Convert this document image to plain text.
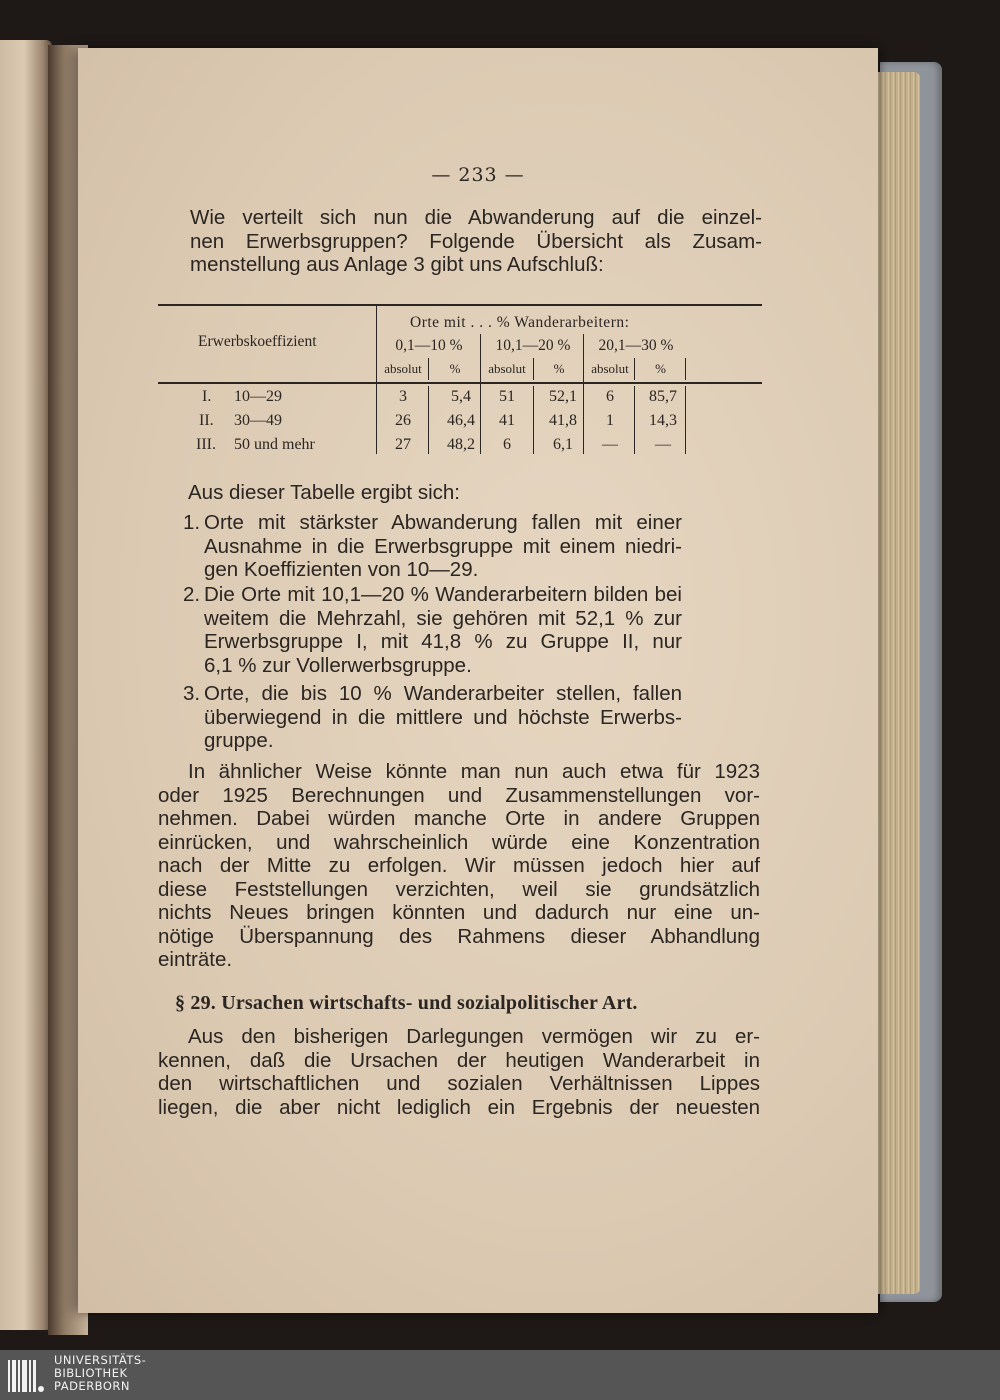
— 233 —
Wie verteilt sich nun die Abwanderung auf die einzel-
nen Erwerbsgruppen? Folgende Übersicht als Zusam-
menstellung aus Anlage 3 gibt uns Aufschluß:
Erwerbskoeffizient
Orte mit . . . % Wanderarbeitern:
0,1—10 %	10,1—20 %	20,1—30 %
absolut	%	absolut	%	absolut	%
I. 10—29	3	5,4	51	52,1	6	85,7
II. 30—49	26	46,4	41	41,8	1	14,3
III. 50 und mehr	27	48,2	6	6,1	—	—
Aus dieser Tabelle ergibt sich:
1. Orte mit stärkster Abwanderung fallen mit einer
Ausnahme in die Erwerbsgruppe mit einem niedri-
gen Koeffizienten von 10—29.
2. Die Orte mit 10,1—20 % Wanderarbeitern bilden bei
weitem die Mehrzahl, sie gehören mit 52,1 % zur
Erwerbsgruppe I, mit 41,8 % zu Gruppe II, nur
6,1 % zur Vollerwerbsgruppe.
3. Orte, die bis 10 % Wanderarbeiter stellen, fallen
überwiegend in die mittlere und höchste Erwerbs-
gruppe.
In ähnlicher Weise könnte man nun auch etwa für 1923
oder 1925 Berechnungen und Zusammenstellungen vor-
nehmen. Dabei würden manche Orte in andere Gruppen
einrücken, und wahrscheinlich würde eine Konzentration
nach der Mitte zu erfolgen. Wir müssen jedoch hier auf
diese Feststellungen verzichten, weil sie grundsätzlich
nichts Neues bringen könnten und dadurch nur eine un-
nötige Überspannung des Rahmens dieser Abhandlung
einträte.
§ 29. Ursachen wirtschafts- und sozialpolitischer Art.
Aus den bisherigen Darlegungen vermögen wir zu er-
kennen, daß die Ursachen der heutigen Wanderarbeit in
den wirtschaftlichen und sozialen Verhältnissen Lippes
liegen, die aber nicht lediglich ein Ergebnis der neuesten
UNIVERSITÄTS-
BIBLIOTHEK
PADERBORN
